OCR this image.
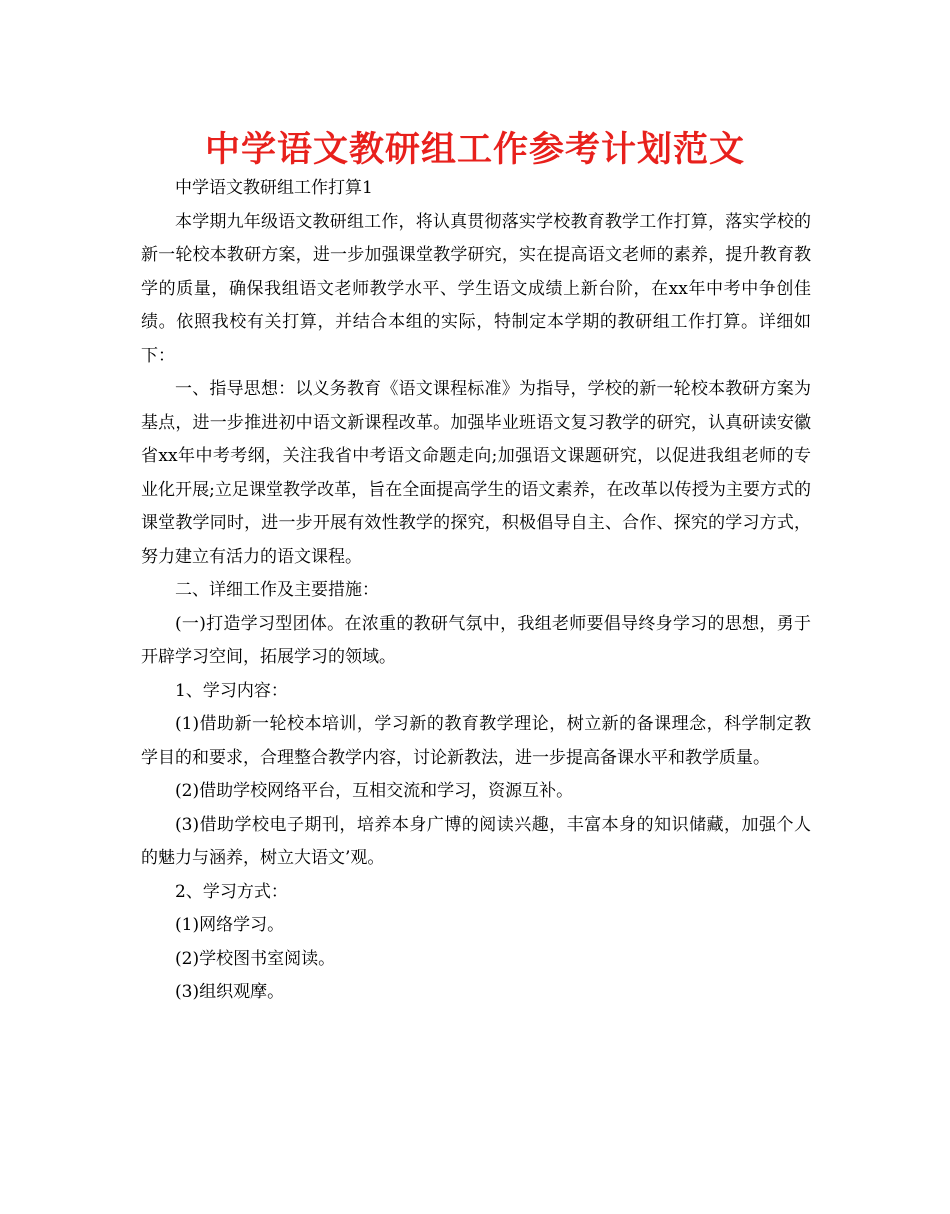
中学语文教研组工作参考计划范文

中学语文教研组工作打算1

本学期九年级语文教研组工作，将认真贯彻落实学校教育教学工作打算，落实学校的新一轮校本教研方案，进一步加强课堂教学研究，实在提高语文老师的素养，提升教育教学的质量，确保我组语文老师教学水平、学生语文成绩上新台阶，在xx年中考中争创佳绩。依照我校有关打算，并结合本组的实际，特制定本学期的教研组工作打算。详细如下：

一、指导思想：以义务教育《语文课程标准》为指导，学校的新一轮校本教研方案为基点，进一步推进初中语文新课程改革。加强毕业班语文复习教学的研究，认真研读安徽省xx年中考考纲，关注我省中考语文命题走向;加强语文课题研究，以促进我组老师的专业化开展;立足课堂教学改革，旨在全面提高学生的语文素养，在改革以传授为主要方式的课堂教学同时，进一步开展有效性教学的探究，积极倡导自主、合作、探究的学习方式，努力建立有活力的语文课程。

二、详细工作及主要措施：

(一)打造学习型团体。在浓重的教研气氛中，我组老师要倡导终身学习的思想，勇于开辟学习空间，拓展学习的领域。

1、学习内容：

(1)借助新一轮校本培训，学习新的教育教学理论，树立新的备课理念，科学制定教学目的和要求，合理整合教学内容，讨论新教法，进一步提高备课水平和教学质量。

(2)借助学校网络平台，互相交流和学习，资源互补。

(3)借助学校电子期刊，培养本身广博的阅读兴趣，丰富本身的知识储藏，加强个人的魅力与涵养，树立大语文’观。

2、学习方式：

(1)网络学习。

(2)学校图书室阅读。

(3)组织观摩。
